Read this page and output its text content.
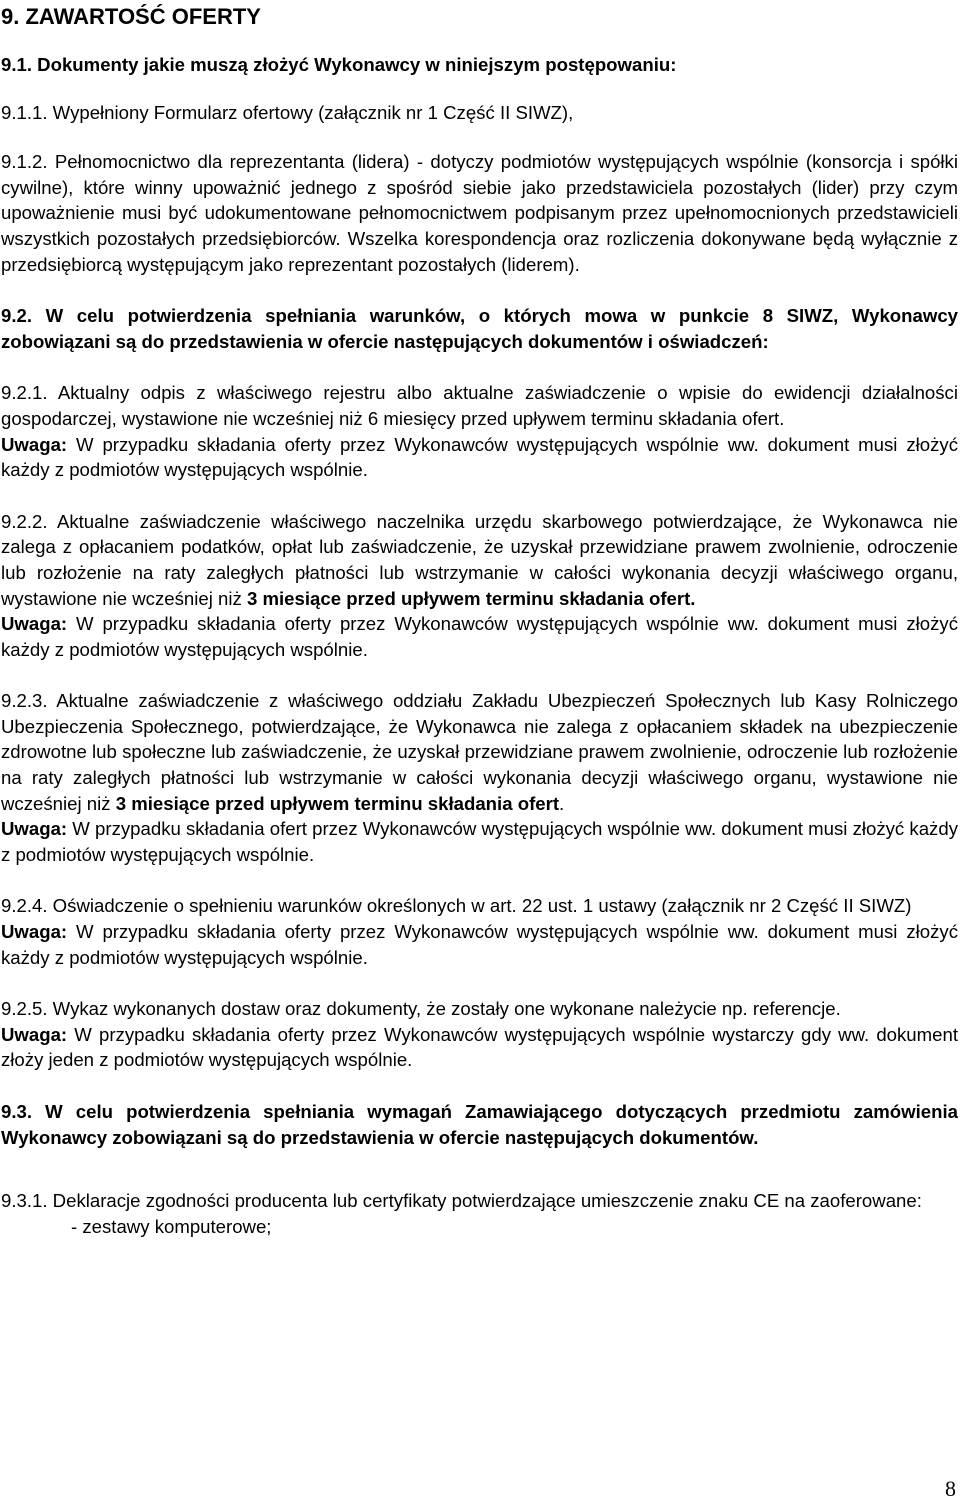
9. ZAWARTOŚĆ OFERTY
9.1. Dokumenty jakie muszą złożyć Wykonawcy w niniejszym postępowaniu:

9.1.1. Wypełniony Formularz ofertowy (załącznik nr 1 Część II SIWZ),

9.1.2. Pełnomocnictwo dla reprezentanta (lidera) - dotyczy podmiotów występujących wspólnie (konsorcja i spółki cywilne), które winny upoważnić jednego z spośród siebie jako przedstawiciela pozostałych (lider) przy czym upoważnienie musi być udokumentowane pełnomocnictwem podpisanym przez upełnomocnionych przedstawicieli wszystkich pozostałych przedsiębiorców. Wszelka korespondencja oraz rozliczenia dokonywane będą wyłącznie z przedsiębiorcą występującym jako reprezentant pozostałych (liderem).

9.2. W celu potwierdzenia spełniania warunków, o których mowa w punkcie 8 SIWZ, Wykonawcy zobowiązani są do przedstawienia w ofercie następujących dokumentów i oświadczeń:

9.2.1. Aktualny odpis z właściwego rejestru albo aktualne zaświadczenie o wpisie do ewidencji działalności gospodarczej, wystawione nie wcześniej niż 6 miesięcy przed upływem terminu składania ofert.

Uwaga: W przypadku składania oferty przez Wykonawców występujących wspólnie ww. dokument musi złożyć każdy z podmiotów występujących wspólnie.

9.2.2. Aktualne zaświadczenie właściwego naczelnika urzędu skarbowego potwierdzające, że Wykonawca nie zalega z opłacaniem podatków, opłat lub zaświadczenie, że uzyskał przewidziane prawem zwolnienie, odroczenie lub rozłożenie na raty zaległych płatności lub wstrzymanie w całości wykonania decyzji właściwego organu, wystawione nie wcześniej niż 3 miesiące przed upływem terminu składania ofert.

Uwaga: W przypadku składania oferty przez Wykonawców występujących wspólnie ww. dokument musi złożyć każdy z podmiotów występujących wspólnie.

9.2.3. Aktualne zaświadczenie z właściwego oddziału Zakładu Ubezpieczeń Społecznych lub Kasy Rolniczego Ubezpieczenia Społecznego, potwierdzające, że Wykonawca nie zalega z opłacaniem składek na ubezpieczenie zdrowotne lub społeczne lub zaświadczenie, że uzyskał przewidziane prawem zwolnienie, odroczenie lub rozłożenie na raty zaległych płatności lub wstrzymanie w całości wykonania decyzji właściwego organu, wystawione nie wcześniej niż 3 miesiące przed upływem terminu składania ofert.

Uwaga: W przypadku składania ofert przez Wykonawców występujących wspólnie ww. dokument musi złożyć każdy z podmiotów występujących wspólnie.

9.2.4. Oświadczenie o spełnieniu warunków określonych w art. 22 ust. 1 ustawy (załącznik nr 2 Część II SIWZ)

Uwaga: W przypadku składania oferty przez Wykonawców występujących wspólnie ww. dokument musi złożyć każdy z podmiotów występujących wspólnie.

9.2.5. Wykaz wykonanych dostaw oraz dokumenty, że zostały one wykonane należycie np. referencje.

Uwaga: W przypadku składania oferty przez Wykonawców występujących wspólnie wystarczy gdy ww. dokument złoży jeden z podmiotów występujących wspólnie.

9.3. W celu potwierdzenia spełniania wymagań Zamawiającego dotyczących przedmiotu zamówienia Wykonawcy zobowiązani są do przedstawienia w ofercie następujących dokumentów.

9.3.1. Deklaracje zgodności producenta lub certyfikaty potwierdzające umieszczenie znaku CE na zaoferowane:

- zestawy komputerowe;

8
